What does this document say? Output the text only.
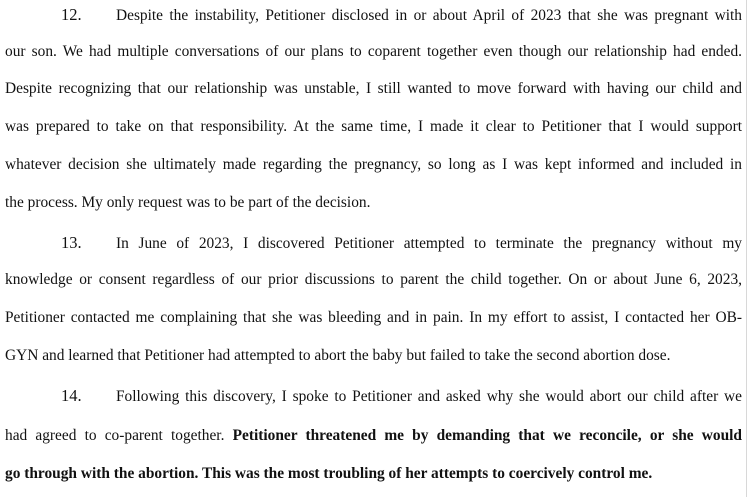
12. Despite the instability, Petitioner disclosed in or about April of 2023 that she was pregnant with
our son. We had multiple conversations of our plans to coparent together even though our relationship had ended.
Despite recognizing that our relationship was unstable, I still wanted to move forward with having our child and
was prepared to take on that responsibility. At the same time, I made it clear to Petitioner that I would support
whatever decision she ultimately made regarding the pregnancy, so long as I was kept informed and included in
the process. My only request was to be part of the decision.
13. In June of 2023, I discovered Petitioner attempted to terminate the pregnancy without my
knowledge or consent regardless of our prior discussions to parent the child together. On or about June 6, 2023,
Petitioner contacted me complaining that she was bleeding and in pain. In my effort to assist, I contacted her OB-
GYN and learned that Petitioner had attempted to abort the baby but failed to take the second abortion dose.
14. Following this discovery, I spoke to Petitioner and asked why she would abort our child after we
had agreed to co-parent together. Petitioner threatened me by demanding that we reconcile, or she would
go through with the abortion. This was the most troubling of her attempts to coercively control me.
